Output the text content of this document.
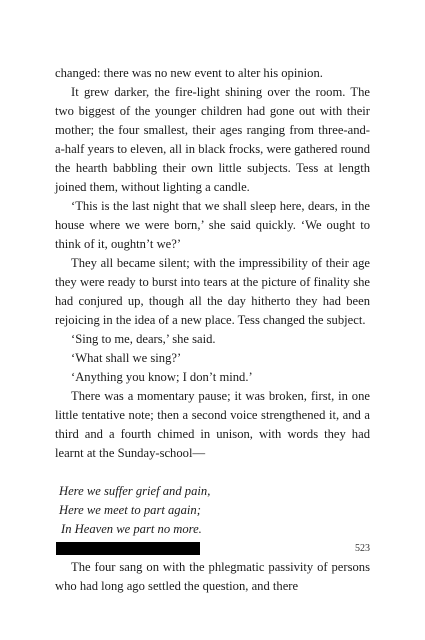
changed: there was no new event to alter his opinion.

It grew darker, the fire-light shining over the room. The two biggest of the younger children had gone out with their mother; the four smallest, their ages ranging from three-and-a-half years to eleven, all in black frocks, were gathered round the hearth babbling their own little subjects. Tess at length joined them, without lighting a candle.

‘This is the last night that we shall sleep here, dears, in the house where we were born,’ she said quickly. ‘We ought to think of it, oughtn’t we?’

They all became silent; with the impressibility of their age they were ready to burst into tears at the picture of finality she had conjured up, though all the day hitherto they had been rejoicing in the idea of a new place. Tess changed the subject.

‘Sing to me, dears,’ she said.

‘What shall we sing?’

‘Anything you know; I don’t mind.’

There was a momentary pause; it was broken, first, in one little tentative note; then a second voice strengthened it, and a third and a fourth chimed in unison, with words they had learnt at the Sunday-school—

Here we suffer grief and pain,
Here we meet to part again;
In Heaven we part no more.

The four sang on with the phlegmatic passivity of persons who had long ago settled the question, and there

523
